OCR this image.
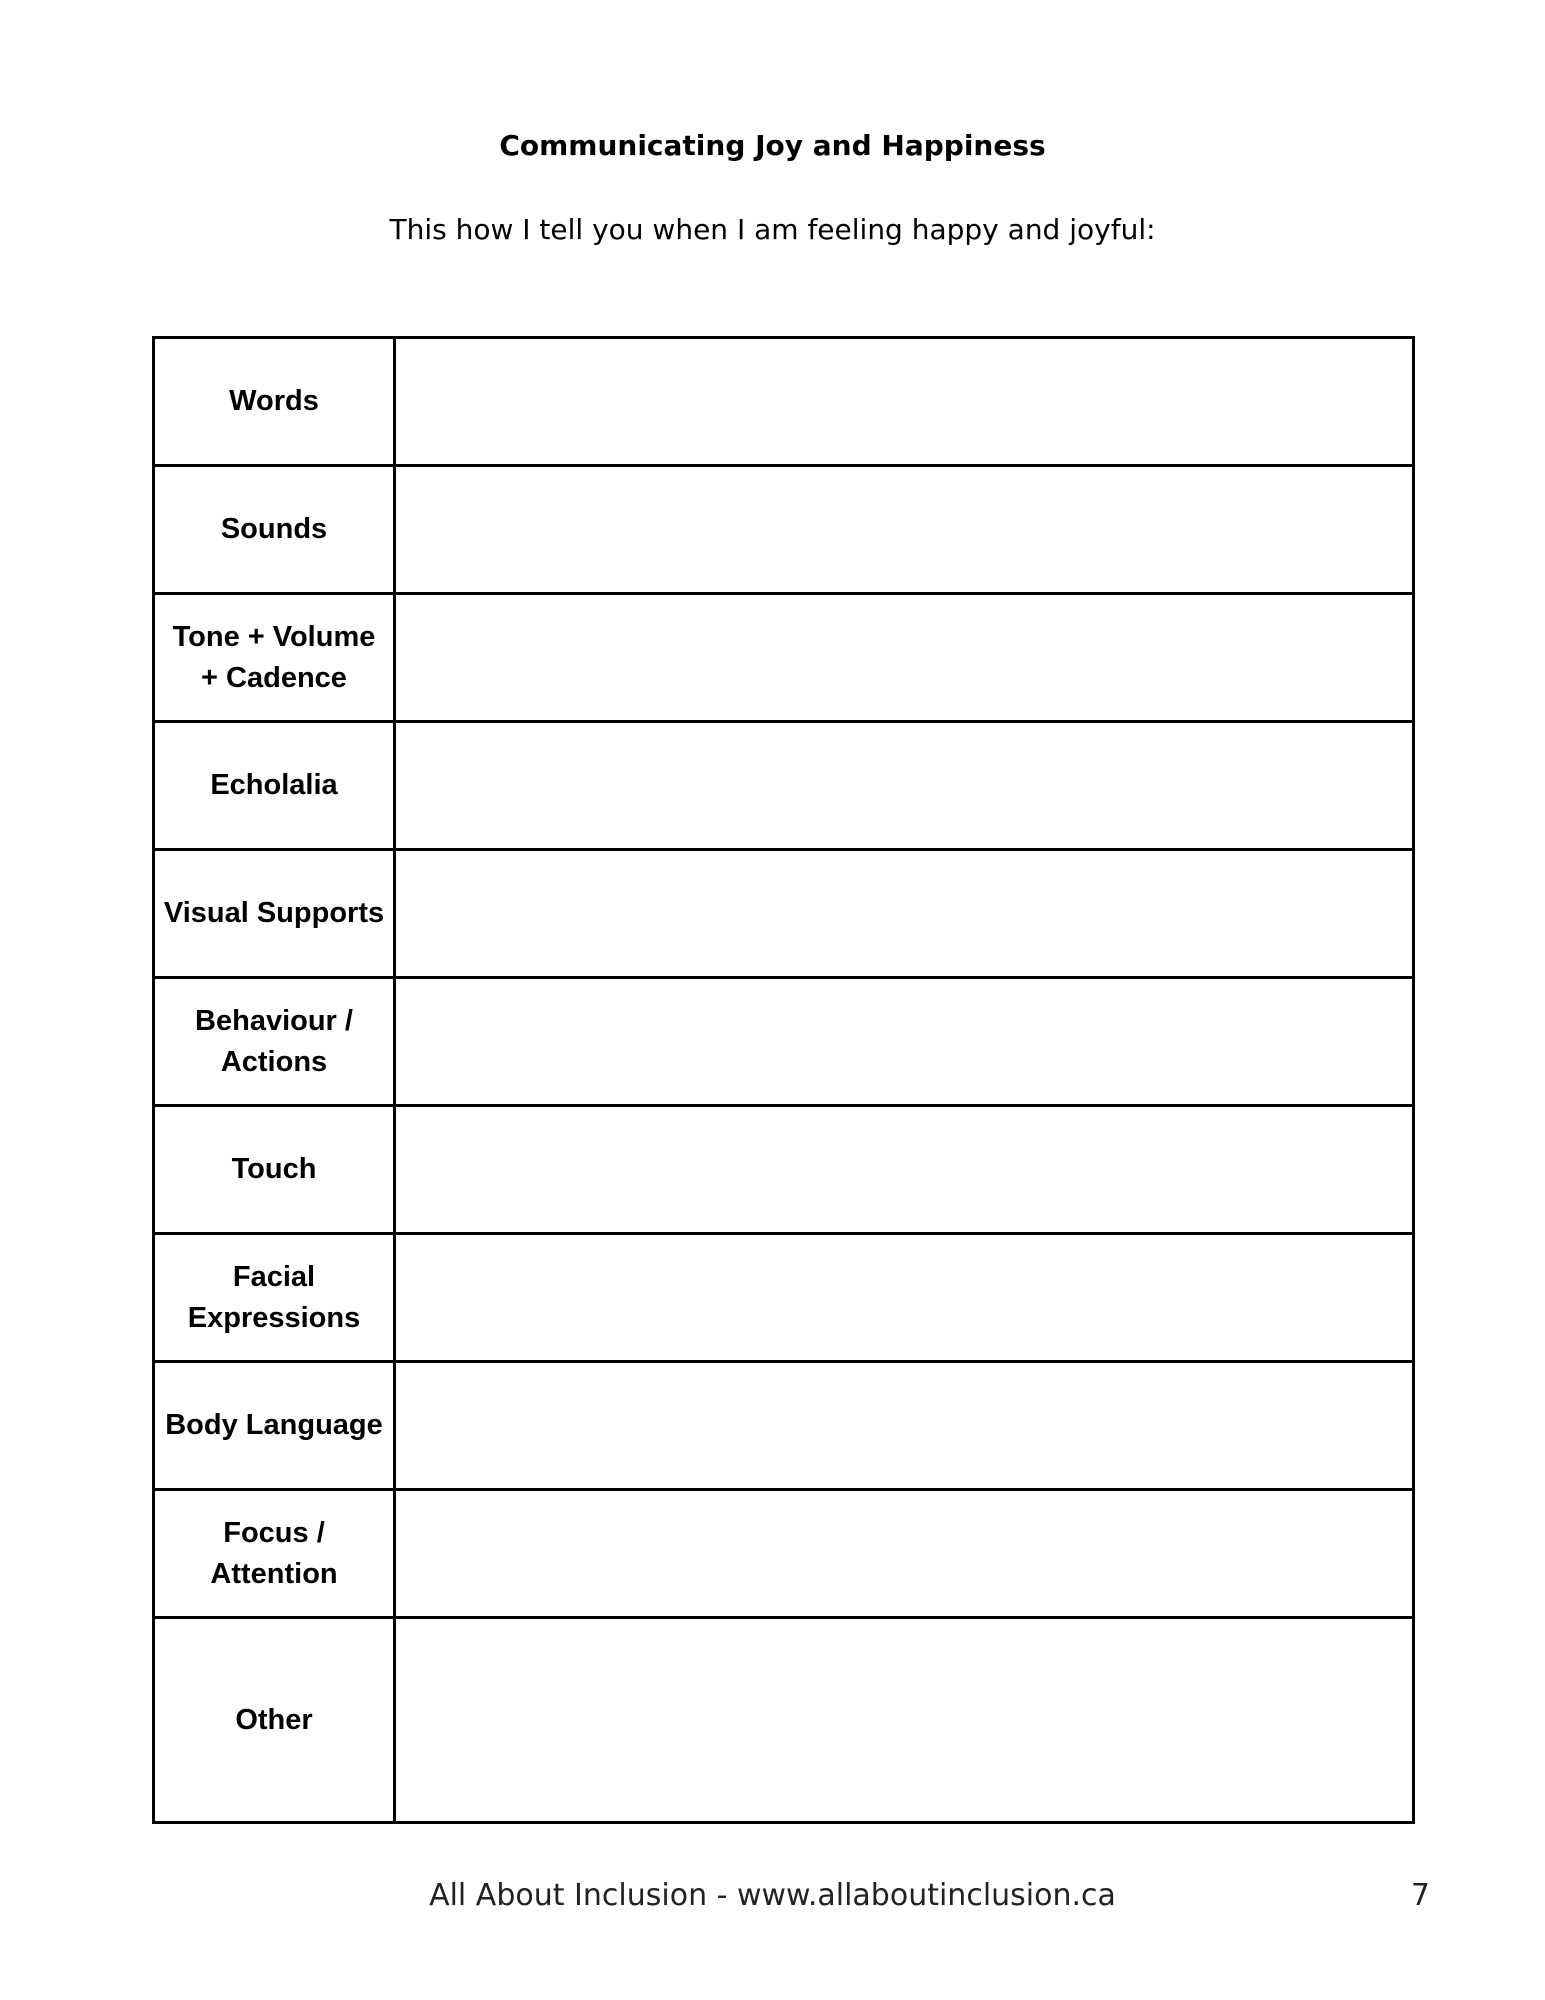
Communicating Joy and Happiness

This how I tell you when I am feeling happy and joyful:

Words	
Sounds	
Tone + Volume + Cadence	
Echolalia	
Visual Supports	
Behaviour / Actions	
Touch	
Facial Expressions	
Body Language	
Focus / Attention	
Other	

All About Inclusion - www.allaboutinclusion.ca	7
